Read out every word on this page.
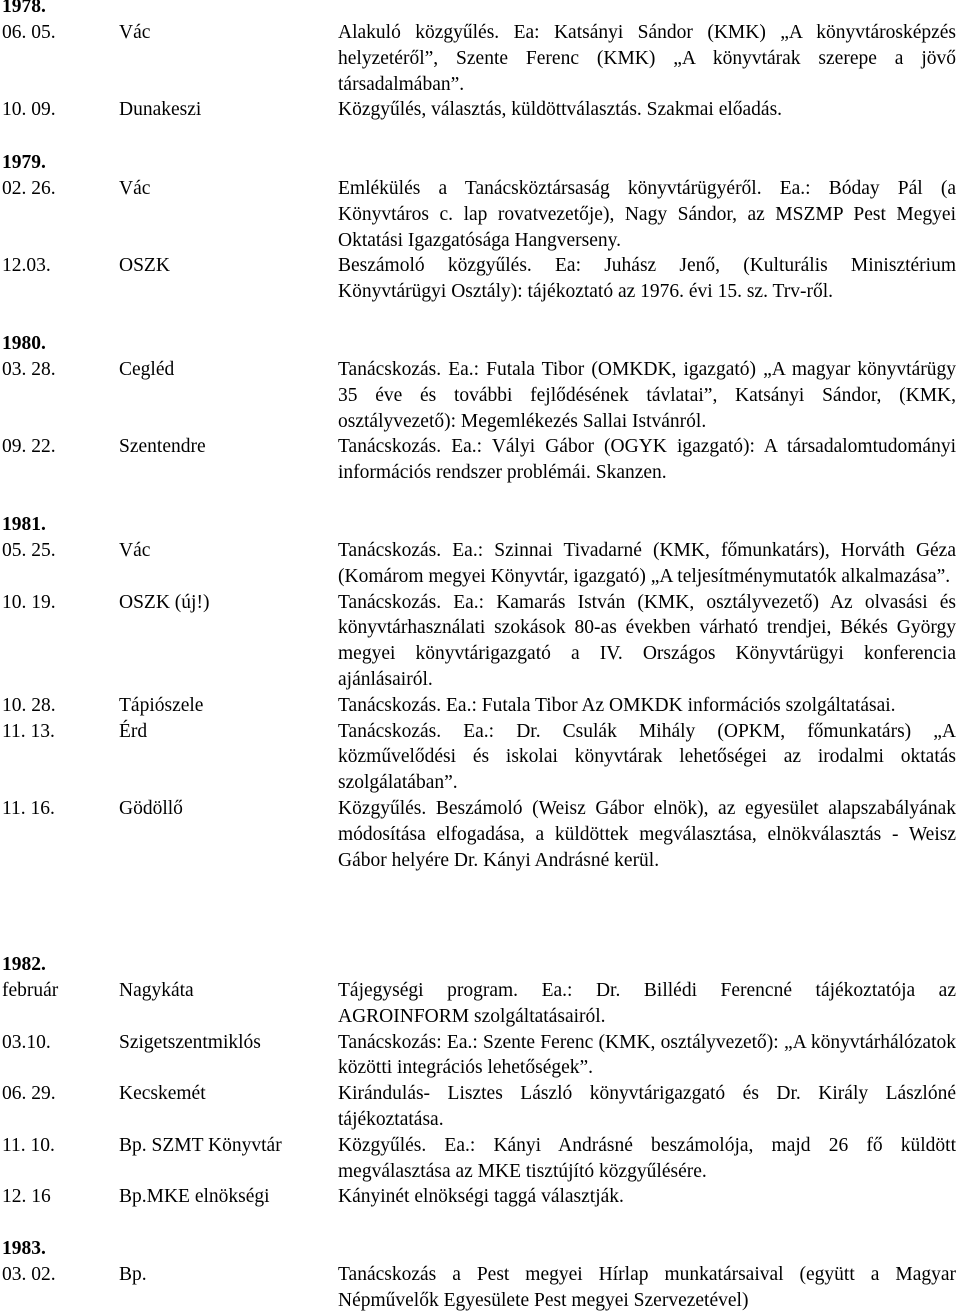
1978.
06. 05.	Vác	Alakuló közgyűlés. Ea: Katsányi Sándor (KMK) „A könyvtárosképzés helyzetéről”, Szente Ferenc (KMK) „A könyvtárak szerepe a jövő társadalmában”.
10. 09.	Dunakeszi	Közgyűlés, választás, küldöttválasztás. Szakmai előadás.
1979.
02. 26.	Vác	Emlékülés a Tanácsköztársaság könyvtárügyéről. Ea.: Bóday Pál (a Könyvtáros c. lap rovatvezetője), Nagy Sándor, az MSZMP Pest Megyei Oktatási Igazgatósága Hangverseny.
12.03.	OSZK	Beszámoló közgyűlés. Ea: Juhász Jenő, (Kulturális Minisztérium Könyvtárügyi Osztály): tájékoztató az 1976. évi 15. sz. Trv-ről.
1980.
03. 28.	Cegléd	Tanácskozás. Ea.: Futala Tibor (OMKDK, igazgató) „A magyar könyvtárügy 35 éve és további fejlődésének távlatai”, Katsányi Sándor, (KMK, osztályvezető): Megemlékezés Sallai Istvánról.
09. 22.	Szentendre	Tanácskozás. Ea.: Vályi Gábor (OGYK igazgató): A társadalomtudományi információs rendszer problémái. Skanzen.
1981.
05. 25.	Vác	Tanácskozás. Ea.: Szinnai Tivadarné (KMK, főmunkatárs), Horváth Géza (Komárom megyei Könyvtár, igazgató) „A teljesítménymutatók alkalmazása”.
10. 19.	OSZK (új!)	Tanácskozás. Ea.: Kamarás István (KMK, osztályvezető) Az olvasási és könyvtárhasználati szokások 80-as években várható trendjei, Békés György megyei könyvtárigazgató a IV. Országos Könyvtárügyi konferencia ajánlásairól.
10. 28.	Tápiószele	Tanácskozás. Ea.: Futala Tibor Az OMKDK információs szolgáltatásai.
11. 13.	Érd	Tanácskozás. Ea.: Dr. Csulák Mihály (OPKM, főmunkatárs) „A közművelődési és iskolai könyvtárak lehetőségei az irodalmi oktatás szolgálatában”.
11. 16.	Gödöllő	Közgyűlés. Beszámoló (Weisz Gábor elnök), az egyesület alapszabályának módosítása elfogadása, a küldöttek megválasztása, elnökválasztás - Weisz Gábor helyére Dr. Kányi Andrásné kerül.
1982.
február	Nagykáta	Tájegységi program. Ea.: Dr. Billédi Ferencné tájékoztatója az AGROINFORM szolgáltatásairól.
03.10.	Szigetszentmiklós	Tanácskozás: Ea.: Szente Ferenc (KMK, osztályvezető): „A könyvtárhálózatok közötti integrációs lehetőségek”.
06. 29.	Kecskemét	Kirándulás- Lisztes László könyvtárigazgató és Dr. Király Lászlóné tájékoztatása.
11. 10.	Bp. SZMT Könyvtár	Közgyűlés. Ea.: Kányi Andrásné beszámolója, majd 26 fő küldött megválasztása az MKE tisztújító közgyűlésére.
12. 16	Bp.MKE elnökségi	Kányinét elnökségi taggá választják.
1983.
03. 02.	Bp.	Tanácskozás a Pest megyei Hírlap munkatársaival (együtt a Magyar Népművelők Egyesülete Pest megyei Szervezetével)
